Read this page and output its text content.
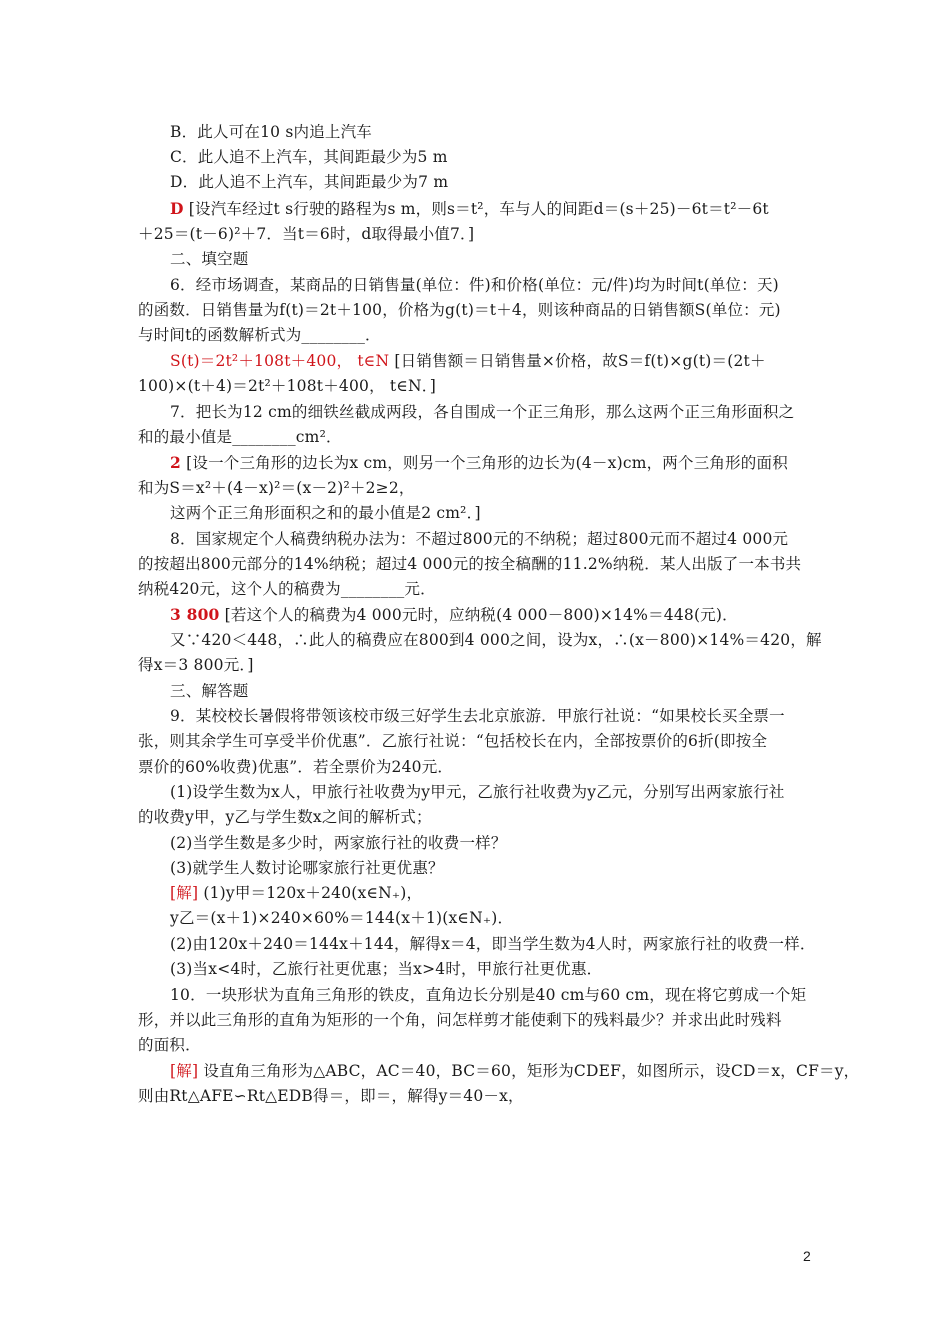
B．此人可在10 s内追上汽车
C．此人追不上汽车，其间距最少为5 m
D．此人追不上汽车，其间距最少为7 m
D [设汽车经过t s行驶的路程为s m，则s＝t²，车与人的间距d＝(s＋25)－6t＝t²－6t
＋25＝(t－6)²＋7．当t＝6时，d取得最小值7．]
二、填空题
6．经市场调查，某商品的日销售量(单位：件)和价格(单位：元/件)均为时间t(单位：天)
的函数．日销售量为f(t)＝2t＋100，价格为g(t)＝t＋4，则该种商品的日销售额S(单位：元)
与时间t的函数解析式为________．
S(t)＝2t²＋108t＋400， t∈N [日销售额＝日销售量×价格，故S＝f(t)×g(t)＝(2t＋
100)×(t＋4)＝2t²＋108t＋400， t∈N．]
7．把长为12 cm的细铁丝截成两段，各自围成一个正三角形，那么这两个正三角形面积之
和的最小值是________cm²．
2 [设一个三角形的边长为x cm，则另一个三角形的边长为(4－x)cm，两个三角形的面积
和为S＝x²＋(4－x)²＝(x－2)²＋2≥2，
这两个正三角形面积之和的最小值是2 cm²．]
8．国家规定个人稿费纳税办法为：不超过800元的不纳税；超过800元而不超过4 000元
的按超出800元部分的14%纳税；超过4 000元的按全稿酬的11.2%纳税．某人出版了一本书共
纳税420元，这个人的稿费为________元．
3 800 [若这个人的稿费为4 000元时，应纳税(4 000－800)×14%＝448(元)．
又∵420＜448，∴此人的稿费应在800到4 000之间，设为x，∴(x－800)×14%＝420，解
得x＝3 800元．]
三、解答题
9．某校校长暑假将带领该校市级三好学生去北京旅游．甲旅行社说：“如果校长买全票一
张，则其余学生可享受半价优惠”．乙旅行社说：“包括校长在内，全部按票价的6折(即按全
票价的60%收费)优惠”．若全票价为240元．
(1)设学生数为x人，甲旅行社收费为y甲元，乙旅行社收费为y乙元，分别写出两家旅行社
的收费y甲，y乙与学生数x之间的解析式；
(2)当学生数是多少时，两家旅行社的收费一样？
(3)就学生人数讨论哪家旅行社更优惠？
[解] (1)y甲＝120x＋240(x∈N₊)，
y乙＝(x＋1)×240×60%＝144(x＋1)(x∈N₊)．
(2)由120x＋240＝144x＋144，解得x＝4，即当学生数为4人时，两家旅行社的收费一样．
(3)当x<4时，乙旅行社更优惠；当x>4时，甲旅行社更优惠．
10．一块形状为直角三角形的铁皮，直角边长分别是40 cm与60 cm，现在将它剪成一个矩
形，并以此三角形的直角为矩形的一个角，问怎样剪才能使剩下的残料最少？并求出此时残料
的面积．
[解] 设直角三角形为△ABC，AC＝40，BC＝60，矩形为CDEF，如图所示，设CD＝x，CF＝y，
则由Rt△AFE∽Rt△EDB得＝，即＝，解得y＝40－x，
2
